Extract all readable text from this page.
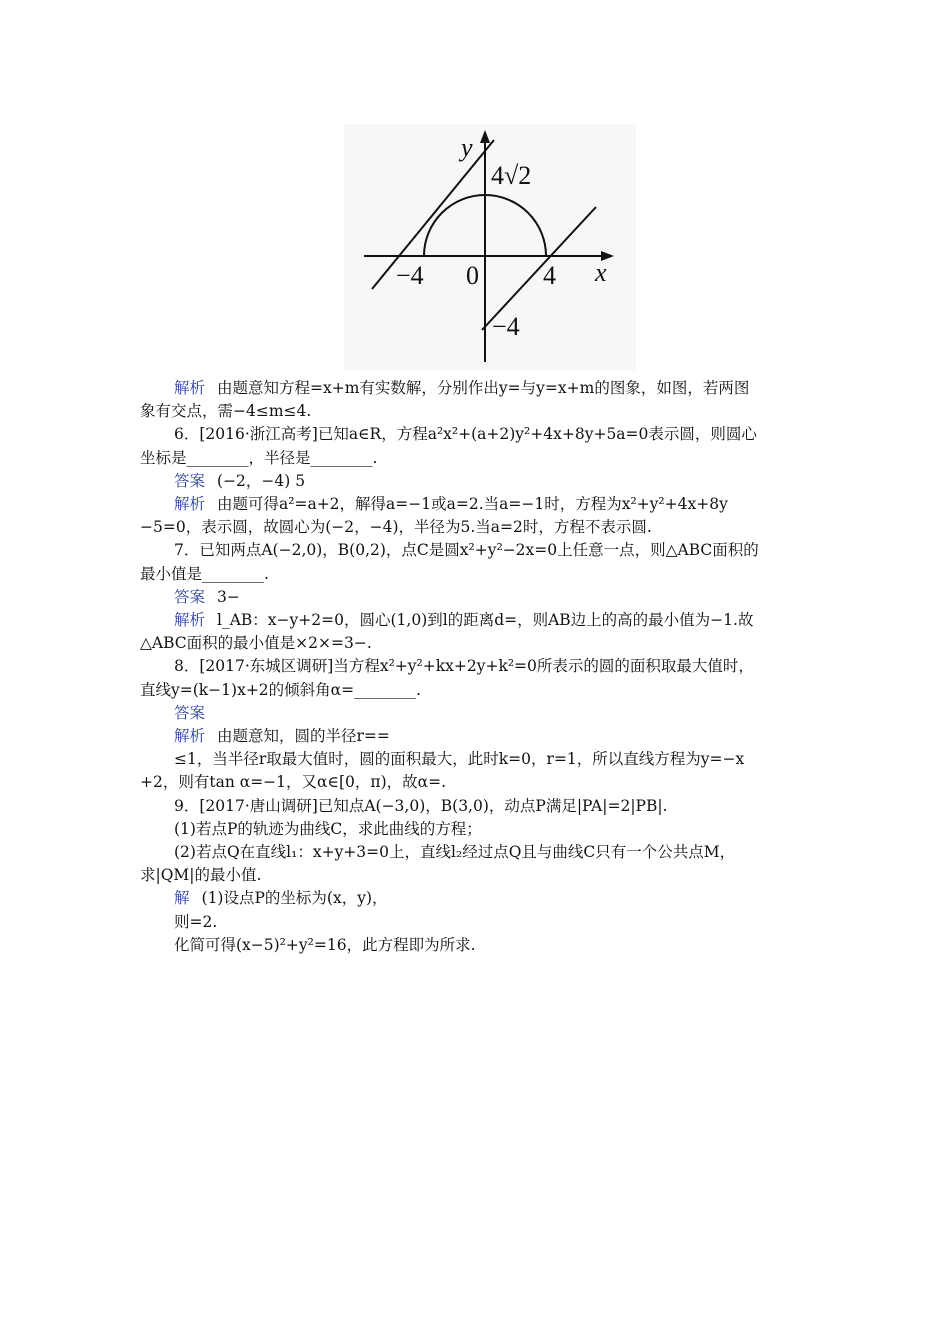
y
x
4√2
−4 0 4
−4
解析 由题意知方程=x+m有实数解，分别作出y=与y=x+m的图象，如图，若两图
象有交点，需−4≤m≤4.
6．[2016·浙江高考]已知a∈R，方程a²x²+(a+2)y²+4x+8y+5a=0表示圆，则圆心
坐标是________，半径是________.
答案 (−2，−4) 5
解析 由题可得a²=a+2，解得a=−1或a=2.当a=−1时，方程为x²+y²+4x+8y
−5=0，表示圆，故圆心为(−2，−4)，半径为5.当a=2时，方程不表示圆.
7．已知两点A(−2,0)，B(0,2)，点C是圆x²+y²−2x=0上任意一点，则△ABC面积的
最小值是________.
答案 3−
解析 l_AB：x−y+2=0，圆心(1,0)到l的距离d=，则AB边上的高的最小值为−1.故
△ABC面积的最小值是×2×=3−.
8．[2017·东城区调研]当方程x²+y²+kx+2y+k²=0所表示的圆的面积取最大值时，
直线y=(k−1)x+2的倾斜角α=________.
答案
解析 由题意知，圆的半径r==
≤1，当半径r取最大值时，圆的面积最大，此时k=0，r=1，所以直线方程为y=−x
+2，则有tan α=−1，又α∈[0，π)，故α=.
9．[2017·唐山调研]已知点A(−3,0)，B(3,0)，动点P满足|PA|=2|PB|.
(1)若点P的轨迹为曲线C，求此曲线的方程；
(2)若点Q在直线l₁：x+y+3=0上，直线l₂经过点Q且与曲线C只有一个公共点M，
求|QM|的最小值.
解 (1)设点P的坐标为(x，y)，
则=2.
化简可得(x−5)²+y²=16，此方程即为所求.
